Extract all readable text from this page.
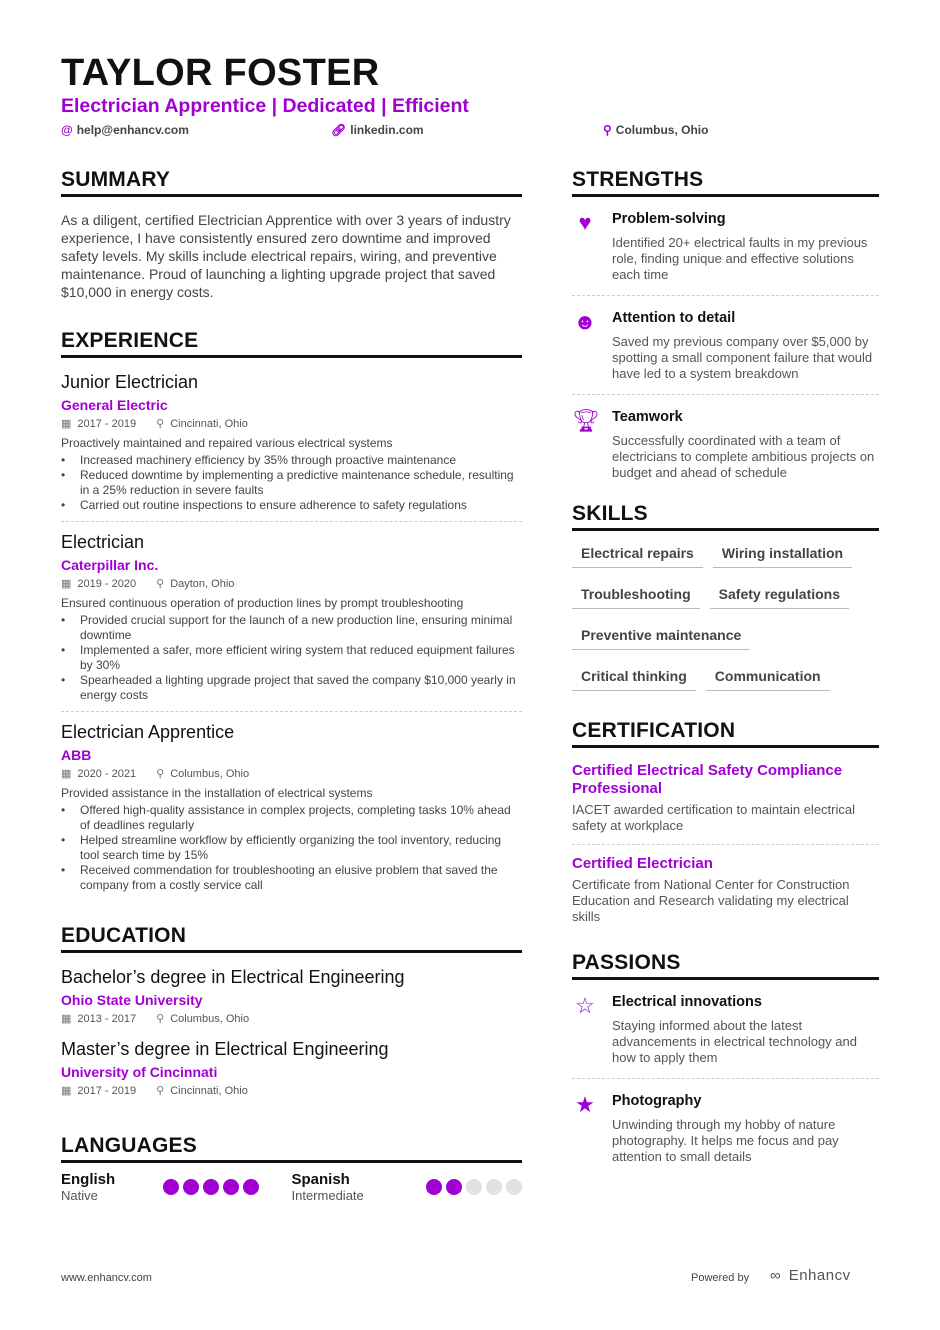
TAYLOR FOSTER
Electrician Apprentice | Dedicated | Efficient
@ help@enhancv.com	🔗︎ linkedin.com	⚲ Columbus, Ohio
SUMMARY
As a diligent, certified Electrician Apprentice with over 3 years of industry experience, I have consistently ensured zero downtime and improved safety levels. My skills include electrical repairs, wiring, and preventive maintenance. Proud of launching a lighting upgrade project that saved $10,000 in energy costs.
EXPERIENCE
Junior Electrician
General Electric
▦ 2017 - 2019 ⚲ Cincinnati, Ohio
Proactively maintained and repaired various electrical systems
• Increased machinery efficiency by 35% through proactive maintenance
• Reduced downtime by implementing a predictive maintenance schedule, resulting in a 25% reduction in severe faults
• Carried out routine inspections to ensure adherence to safety regulations
Electrician
Caterpillar Inc.
▦ 2019 - 2020 ⚲ Dayton, Ohio
Ensured continuous operation of production lines by prompt troubleshooting
• Provided crucial support for the launch of a new production line, ensuring minimal downtime
• Implemented a safer, more efficient wiring system that reduced equipment failures by 30%
• Spearheaded a lighting upgrade project that saved the company $10,000 yearly in energy costs
Electrician Apprentice
ABB
▦ 2020 - 2021 ⚲ Columbus, Ohio
Provided assistance in the installation of electrical systems
• Offered high-quality assistance in complex projects, completing tasks 10% ahead of deadlines regularly
• Helped streamline workflow by efficiently organizing the tool inventory, reducing tool search time by 15%
• Received commendation for troubleshooting an elusive problem that saved the company from a costly service call
EDUCATION
Bachelor’s degree in Electrical Engineering
Ohio State University
▦ 2013 - 2017 ⚲ Columbus, Ohio
Master’s degree in Electrical Engineering
University of Cincinnati
▦ 2017 - 2019 ⚲ Cincinnati, Ohio
LANGUAGES
English
Native
Spanish
Intermediate
STRENGTHS
♥	Problem-solving
Identified 20+ electrical faults in my previous role, finding unique and effective solutions each time
☻ Attention to detail
Saved my previous company over $5,000 by spotting a small component failure that would have led to a system breakdown
🏆︎ Teamwork
Successfully coordinated with a team of electricians to complete ambitious projects on budget and ahead of schedule
SKILLS
Electrical repairs	Wiring installation
Troubleshooting	Safety regulations
Preventive maintenance
Critical thinking	Communication
CERTIFICATION
Certified Electrical Safety Compliance Professional
IACET awarded certification to maintain electrical safety at workplace
Certified Electrician
Certificate from National Center for Construction Education and Research validating my electrical skills
PASSIONS
☆ Electrical innovations
Staying informed about the latest advancements in electrical technology and how to apply them
★ Photography
Unwinding through my hobby of nature photography. It helps me focus and pay attention to small details
www.enhancv.com	Powered by ∞ Enhancv
